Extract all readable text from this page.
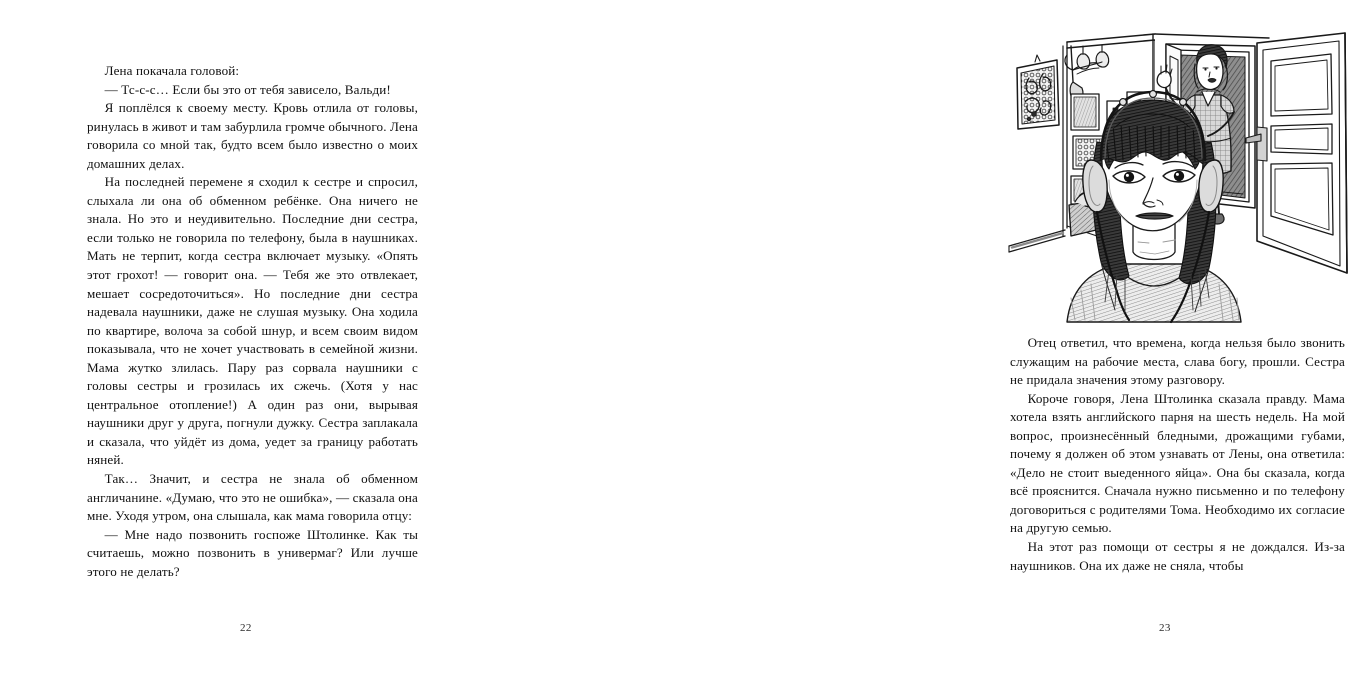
Лена покачала головой:

— Тс-с-с… Если бы это от тебя зависело, Вальди!

Я поплёлся к своему месту. Кровь отлила от головы, ринулась в живот и там забурлила громче обычного. Лена говорила со мной так, будто всем было известно о моих домашних делах.

На последней перемене я сходил к сестре и спросил, слыхала ли она об обменном ребёнке. Она ничего не знала. Но это и неудивительно. Последние дни сестра, если только не говорила по телефону, была в наушниках. Мать не терпит, когда сестра включает музыку. «Опять этот грохот! — говорит она. — Тебя же это отвлекает, мешает сосредоточиться». Но последние дни сестра надевала наушники, даже не слушая музыку. Она ходила по квартире, волоча за собой шнур, и всем своим видом показывала, что не хочет участвовать в семейной жизни. Мама жутко злилась. Пару раз сорвала наушники с головы сестры и грозилась их сжечь. (Хотя у нас центральное отопление!) А один раз они, вырывая наушники друг у друга, погнули дужку. Сестра заплакала и сказала, что уйдёт из дома, уедет за границу работать няней.

Так… Значит, и сестра не знала об обменном англичанине. «Думаю, что это не ошибка», — сказала она мне. Уходя утром, она слышала, как мама говорила отцу:

— Мне надо позвонить госпоже Штолинке. Как ты считаешь, можно позвонить в универмаг? Или лучше этого не делать?

22

Отец ответил, что времена, когда нельзя было звонить служащим на рабочие места, слава богу, прошли. Сестра не придала значения этому разговору.

Короче говоря, Лена Штолинка сказала правду. Мама хотела взять английского парня на шесть недель. На мой вопрос, произнесённый бледными, дрожащими губами, почему я должен об этом узнавать от Лены, она ответила: «Дело не стоит выеденного яйца». Она бы сказала, когда всё прояснится. Сначала нужно письменно и по телефону договориться с родителями Тома. Необходимо их согласие на другую семью.

На этот раз помощи от сестры я не дождался. Из-за наушников. Она их даже не сняла, чтобы

23
